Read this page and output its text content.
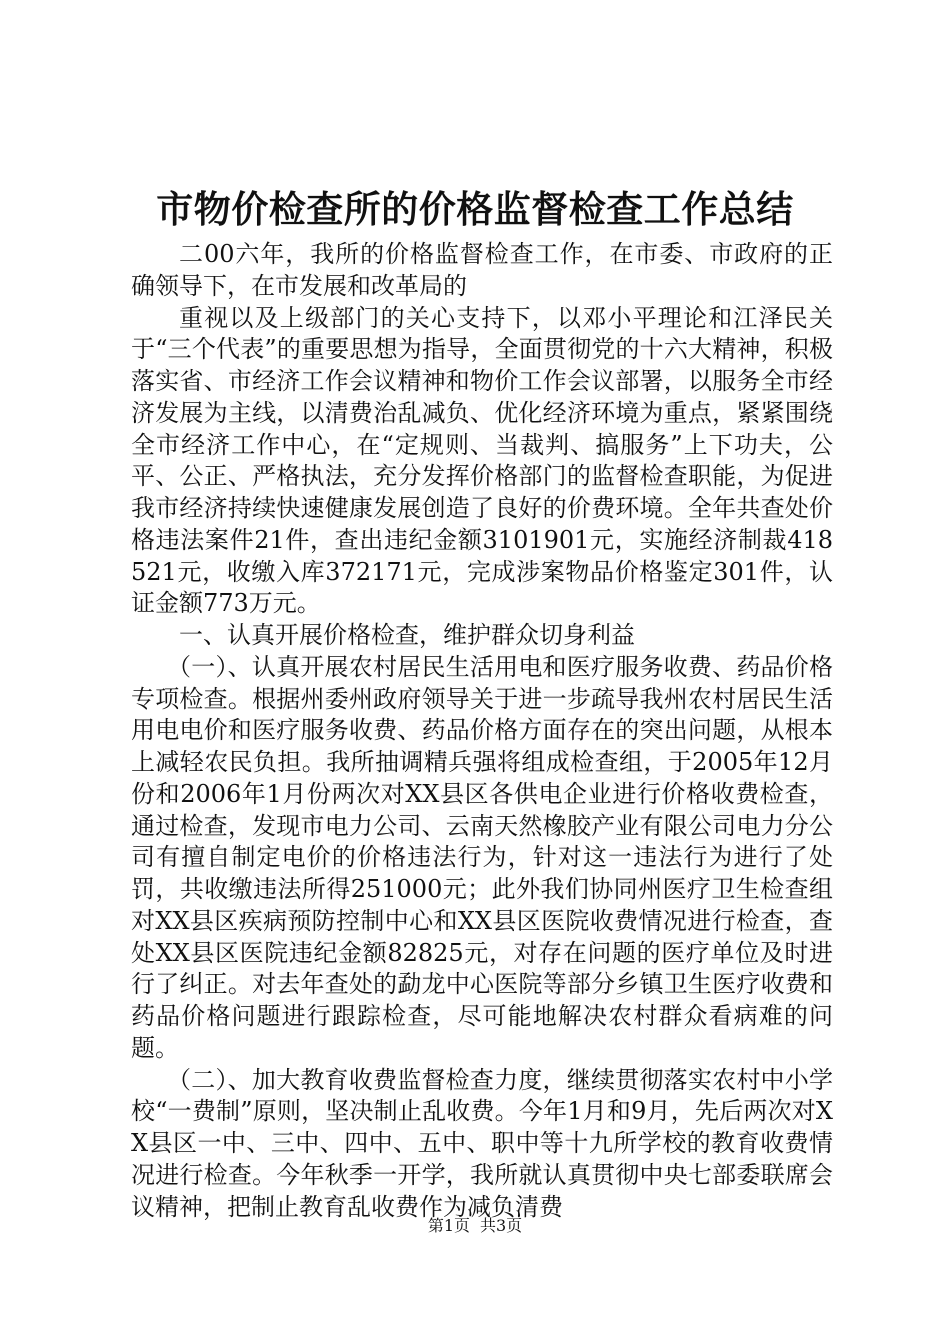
市物价检查所的价格监督检查工作总结

二00六年，我所的价格监督检查工作，在市委、市政府的正确领导下，在市发展和改革局的

重视以及上级部门的关心支持下，以邓小平理论和江泽民关于“三个代表”的重要思想为指导，全面贯彻党的十六大精神，积极落实省、市经济工作会议精神和物价工作会议部署，以服务全市经济发展为主线，以清费治乱减负、优化经济环境为重点，紧紧围绕全市经济工作中心，在“定规则、当裁判、搞服务”上下功夫，公平、公正、严格执法，充分发挥价格部门的监督检查职能，为促进我市经济持续快速健康发展创造了良好的价费环境。全年共查处价格违法案件21件，查出违纪金额3101901元，实施经济制裁418521元，收缴入库372171元，完成涉案物品价格鉴定301件，认证金额773万元。

一、认真开展价格检查，维护群众切身利益

（一）、认真开展农村居民生活用电和医疗服务收费、药品价格专项检查。根据州委州政府领导关于进一步疏导我州农村居民生活用电电价和医疗服务收费、药品价格方面存在的突出问题，从根本上减轻农民负担。我所抽调精兵强将组成检查组，于2005年12月份和2006年1月份两次对XX县区各供电企业进行价格收费检查，通过检查，发现市电力公司、云南天然橡胶产业有限公司电力分公司有擅自制定电价的价格违法行为，针对这一违法行为进行了处罚，共收缴违法所得251000元；此外我们协同州医疗卫生检查组对XX县区疾病预防控制中心和XX县区医院收费情况进行检查，查处XX县区医院违纪金额82825元，对存在问题的医疗单位及时进行了纠正。对去年查处的勐龙中心医院等部分乡镇卫生医疗收费和药品价格问题进行跟踪检查，尽可能地解决农村群众看病难的问题。

（二）、加大教育收费监督检查力度，继续贯彻落实农村中小学校“一费制”原则，坚决制止乱收费。今年1月和9月，先后两次对XX县区一中、三中、四中、五中、职中等十九所学校的教育收费情况进行检查。今年秋季一开学，我所就认真贯彻中央七部委联席会议精神，把制止教育乱收费作为减负清费

第1页 共3页
